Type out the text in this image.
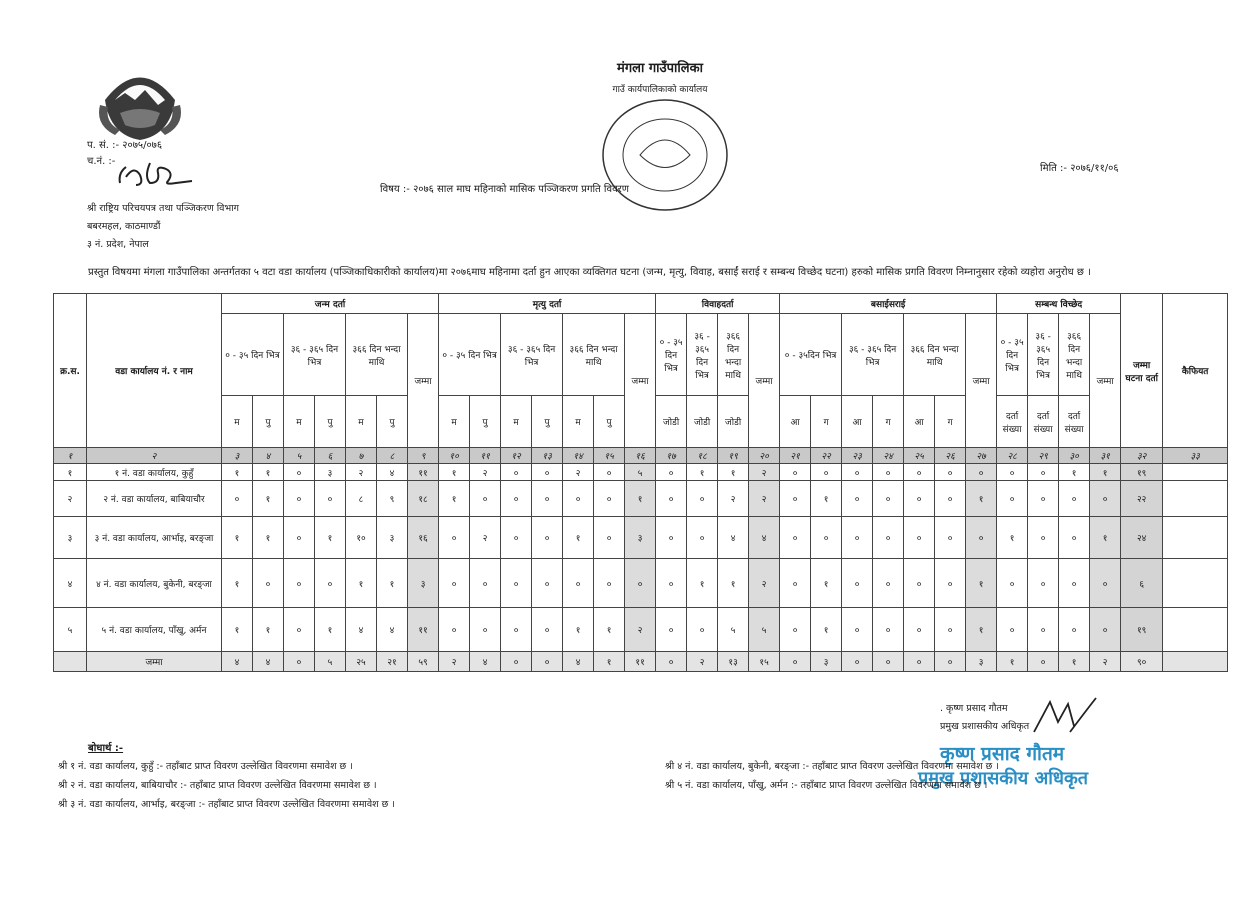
मंगला गाउँपालिका
गाउँ कार्यपालिकाको कार्यालय
प. सं. :- २०७५/०७६
च.नं. :-
मिति :- २०७६/११/०६
विषय :- २०७६ साल माघ महिनाको मासिक पञ्जिकरण प्रगति विवरण
श्री राष्ट्रिय परिचयपत्र तथा पञ्जिकरण विभाग
बबरमहल, काठमाण्डौं
३ नं. प्रदेश, नेपाल
प्रस्तुत विषयमा मंगला गाउँपालिका अन्तर्गतका ५ वटा वडा कार्यालय (पञ्जिकाधिकारीको कार्यालय)मा २०७६माघ महिनामा दर्ता हुन आएका व्यक्तिगत घटना (जन्म, मृत्यु, विवाह, बसाईं सराई र सम्बन्ध विच्छेद घटना) हरुको मासिक प्रगति विवरण निम्नानुसार रहेको व्यहोरा अनुरोध छ ।
क्र.स.	वडा कार्यालय नं. र नाम	जन्म दर्ता							मृत्यु दर्ता							विवाहदर्ता				बसाईसराई							सम्बन्ध विच्छेद				जम्मा घटना दर्ता	कैफियत
		० - ३५ दिन भित्र		३६ - ३६५ दिन भित्र		३६६ दिन भन्दा माथि		जम्मा	० - ३५ दिन भित्र		३६ - ३६५ दिन भित्र		३६६ दिन भन्दा माथि		जम्मा	० - ३५ दिन भित्र	३६ - ३६५ दिन भित्र	३६६ दिन भन्दा माथि	जम्मा	० - ३५दिन भित्र		३६ - ३६५ दिन भित्र		३६६ दिन भन्दा माथि		जम्मा	० - ३५ दिन भित्र	३६ - ३६५ दिन भित्र	३६६ दिन भन्दा माथि	जम्मा		
		म	पु	म	पु	म	पु		म	पु	म	पु	म	पु		जोडी	जोडी	जोडी		आ	ग	आ	ग	आ	ग		दर्ता संख्या	दर्ता संख्या	दर्ता संख्या			
१	२	३	४	५	६	७	८	९	१०	११	१२	१३	१४	१५	१६	१७	१८	१९	२०	२१	२२	२३	२४	२५	२६	२७	२८	२९	३०	३१	३२	३३
१	१ नं. वडा कार्यालय, कुहुँ	१	१	०	३	२	४	११	१	२	०	०	२	०	५	०	१	१	२	०	०	०	०	०	०	०	०	०	१	१	१९	
२	२ नं. वडा कार्यालय, बाबियाचौर	०	१	०	०	८	९	१८	१	०	०	०	०	०	१	०	०	२	२	०	१	०	०	०	०	१	०	०	०	०	२२	
३	३ नं. वडा कार्यालय, आर्भाइ, बरङ्जा	१	१	०	१	१०	३	१६	०	२	०	०	१	०	३	०	०	४	४	०	०	०	०	०	०	०	१	०	०	१	२४	
४	४ नं. वडा कार्यालय, बुकेनी, बरङ्जा	१	०	०	०	१	१	३	०	०	०	०	०	०	०	०	१	१	२	०	१	०	०	०	०	१	०	०	०	०	६	
५	५ नं. वडा कार्यालय, पाँखु, अर्मन	१	१	०	१	४	४	११	०	०	०	०	१	१	२	०	०	५	५	०	१	०	०	०	०	१	०	०	०	०	१९	
	जम्मा	४	४	०	५	२५	२१	५९	२	४	०	०	४	१	११	०	२	१३	१५	०	३	०	०	०	०	३	१	०	१	२	९०	
. कृष्ण प्रसाद गौतम
प्रमुख प्रशासकीय अधिकृत
कृष्ण प्रसाद गौतम
प्रमुख प्रशासकीय अधिकृत
बोधार्थ :-
श्री १ नं. वडा कार्यालय, कुहुँ :- तहाँबाट प्राप्त विवरण उल्लेखित विवरणमा समावेश छ ।
श्री २ नं. वडा कार्यालय, बाबियाचौर :- तहाँबाट प्राप्त विवरण उल्लेखित विवरणमा समावेश छ ।
श्री ३ नं. वडा कार्यालय, आर्भाइ, बरङ्जा :- तहाँबाट प्राप्त विवरण उल्लेखित विवरणमा समावेश छ ।
श्री ४ नं. वडा कार्यालय, बुकेनी, बरङ्जा :- तहाँबाट प्राप्त विवरण उल्लेखित विवरणमा समावेश छ ।
श्री ५ नं. वडा कार्यालय, पाँखु, अर्मन :- तहाँबाट प्राप्त विवरण उल्लेखित विवरणमा समावेश छ ।
